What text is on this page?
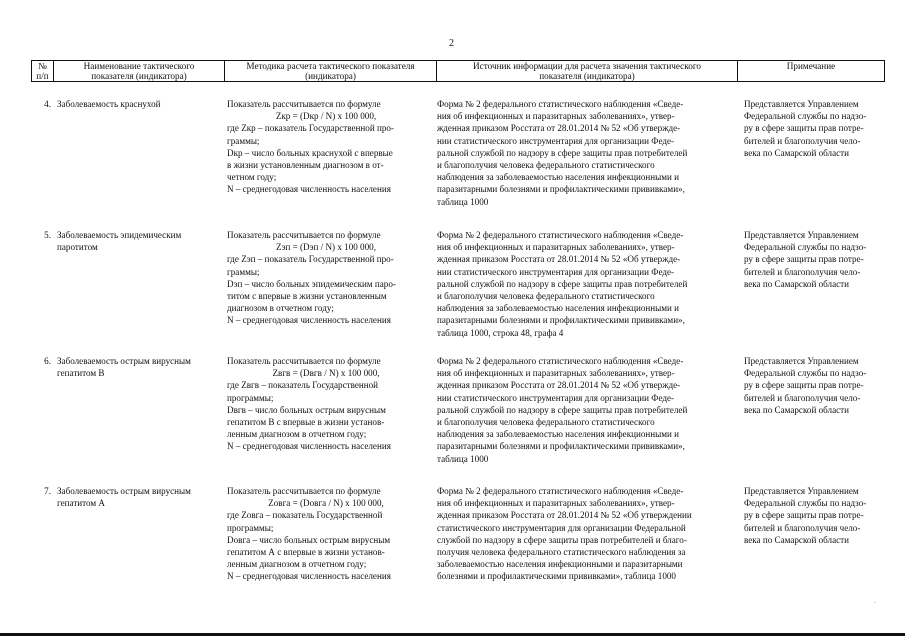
2
№
п/п
Наименование тактического
показателя (индикатора)
Методика расчета тактического показателя
(индикатора)
Источник информации для расчета значения тактического
показателя (индикатора)
Примечание
4. Заболеваемость краснухой	Показатель рассчитывается по формуле
Zкр = (Dкр / N) x 100 000,
где Zкр – показатель Государственной про-
граммы;
Dкр – число больных краснухой с впервые
в жизни установленным диагнозом в от-
четном году;
N – среднегодовая численность населения
Форма № 2 федерального статистического наблюдения «Сведе-
ния об инфекционных и паразитарных заболеваниях», утвер-
жденная приказом Росстата от 28.01.2014 № 52 «Об утвержде-
нии статистического инструментария для организации Феде-
ральной службой по надзору в сфере защиты прав потребителей
и благополучия человека федерального статистического
наблюдения за заболеваемостью населения инфекционными и
паразитарными болезнями и профилактическими прививками»,
таблица 1000
Представляется Управлением
Федеральной службы по надзо-
ру в сфере защиты прав потре-
бителей и благополучия чело-
века по Самарской области
5. Заболеваемость эпидемическим
паротитом
Показатель рассчитывается по формуле
Zэп = (Dэп / N) x 100 000,
где Zэп – показатель Государственной про-
граммы;
Dэп – число больных эпидемическим паро-
титом с впервые в жизни установленным
диагнозом в отчетном году;
N – среднегодовая численность населения
Форма № 2 федерального статистического наблюдения «Сведе-
ния об инфекционных и паразитарных заболеваниях», утвер-
жденная приказом Росстата от 28.01.2014 № 52 «Об утвержде-
нии статистического инструментария для организации Феде-
ральной службой по надзору в сфере защиты прав потребителей
и благополучия человека федерального статистического
наблюдения за заболеваемостью населения инфекционными и
паразитарными болезнями и профилактическими прививками»,
таблица 1000, строка 48, графа 4
Представляется Управлением
Федеральной службы по надзо-
ру в сфере защиты прав потре-
бителей и благополучия чело-
века по Самарской области
6. Заболеваемость острым вирусным
гепатитом В
Показатель рассчитывается по формуле
Zвгв = (Dвгв / N) x 100 000,
где Zвгв – показатель Государственной
программы;
Dвгв – число больных острым вирусным
гепатитом В с впервые в жизни установ-
ленным диагнозом в отчетном году;
N – среднегодовая численность населения
Форма № 2 федерального статистического наблюдения «Сведе-
ния об инфекционных и паразитарных заболеваниях», утвер-
жденная приказом Росстата от 28.01.2014 № 52 «Об утвержде-
нии статистического инструментария для организации Феде-
ральной службой по надзору в сфере защиты прав потребителей
и благополучия человека федерального статистического
наблюдения за заболеваемостью населения инфекционными и
паразитарными болезнями и профилактическими прививками»,
таблица 1000
Представляется Управлением
Федеральной службы по надзо-
ру в сфере защиты прав потре-
бителей и благополучия чело-
века по Самарской области
7. Заболеваемость острым вирусным
гепатитом А
Показатель рассчитывается по формуле
Zовга = (Dовга / N) x 100 000,
где Zовга – показатель Государственной
программы;
Dовга – число больных острым вирусным
гепатитом А с впервые в жизни установ-
ленным диагнозом в отчетном году;
N – среднегодовая численность населения
Форма № 2 федерального статистического наблюдения «Сведе-
ния об инфекционных и паразитарных заболеваниях», утвер-
жденная приказом Росстата от 28.01.2014 № 52 «Об утверждении
статистического инструментария для организации Федеральной
службой по надзору в сфере защиты прав потребителей и благо-
получия человека федерального статистического наблюдения за
заболеваемостью населения инфекционными и паразитарными
болезнями и профилактическими прививками», таблица 1000
Представляется Управлением
Федеральной службы по надзо-
ру в сфере защиты прав потре-
бителей и благополучия чело-
века по Самарской области
.
